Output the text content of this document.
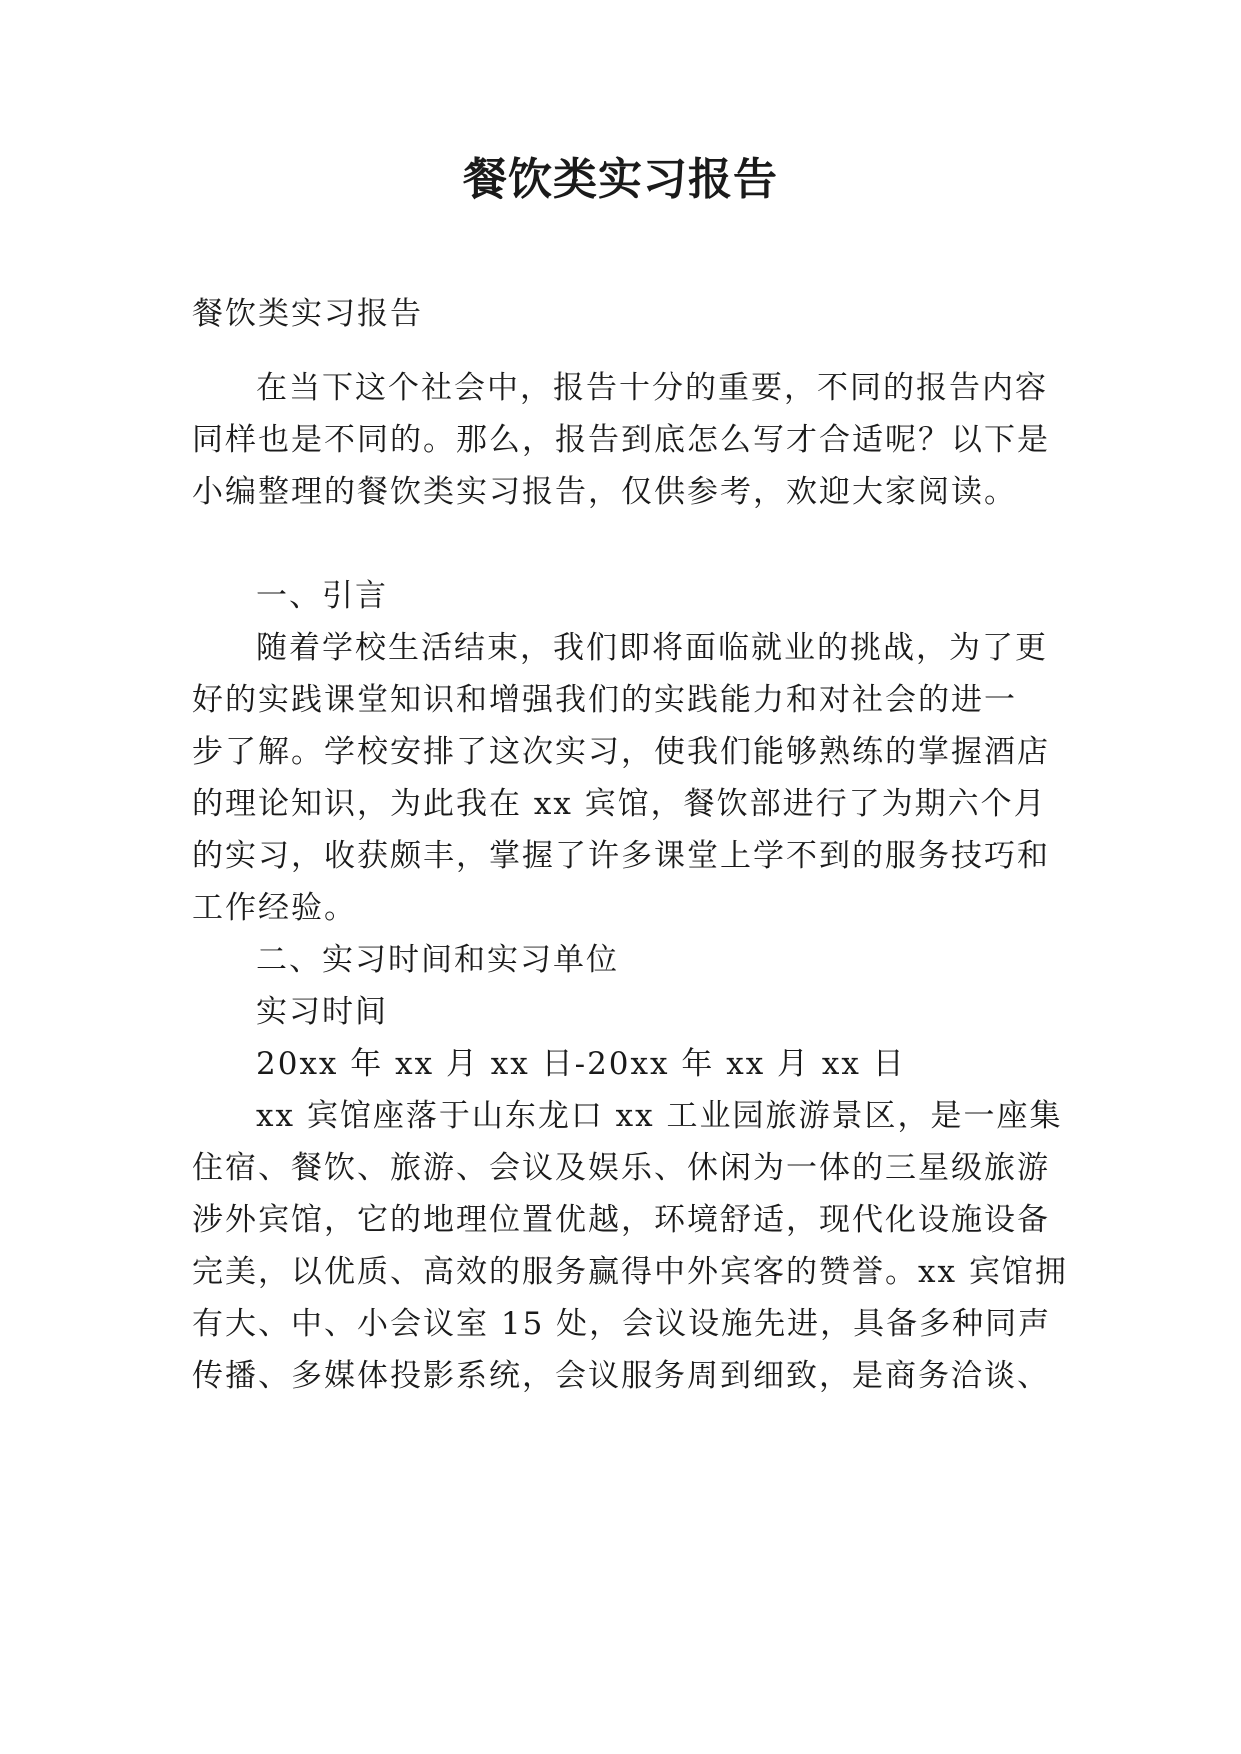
餐饮类实习报告
餐饮类实习报告
在当下这个社会中，报告十分的重要，不同的报告内容
同样也是不同的。那么，报告到底怎么写才合适呢？以下是
小编整理的餐饮类实习报告，仅供参考，欢迎大家阅读。
一、引言
随着学校生活结束，我们即将面临就业的挑战，为了更
好的实践课堂知识和增强我们的实践能力和对社会的进一
步了解。学校安排了这次实习，使我们能够熟练的掌握酒店
的理论知识，为此我在 xx 宾馆，餐饮部进行了为期六个月
的实习，收获颇丰，掌握了许多课堂上学不到的服务技巧和
工作经验。
二、实习时间和实习单位
实习时间
20xx 年 xx 月 xx 日-20xx 年 xx 月 xx 日
xx 宾馆座落于山东龙口 xx 工业园旅游景区，是一座集
住宿、餐饮、旅游、会议及娱乐、休闲为一体的三星级旅游
涉外宾馆，它的地理位置优越，环境舒适，现代化设施设备
完美，以优质、高效的服务赢得中外宾客的赞誉。xx 宾馆拥
有大、中、小会议室 15 处，会议设施先进，具备多种同声
传播、多媒体投影系统，会议服务周到细致，是商务洽谈、
